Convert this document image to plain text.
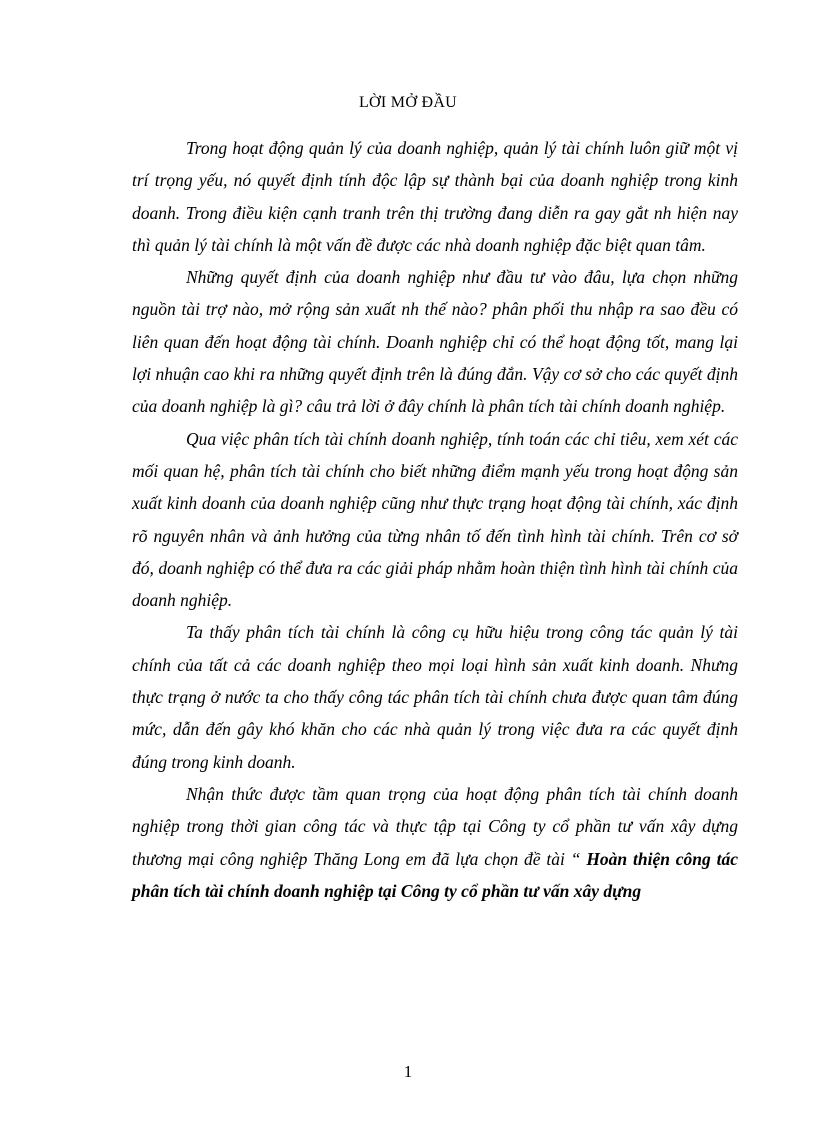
LỜI MỞ ĐẦU

Trong hoạt động quản lý của doanh nghiệp, quản lý tài chính luôn giữ một vị trí trọng yếu, nó quyết định tính độc lập sự thành bại của doanh nghiệp trong kinh doanh. Trong điều kiện cạnh tranh trên thị trường đang diễn ra gay gắt nh hiện nay thì quản lý tài chính là một vấn đề được các nhà doanh nghiệp đặc biệt quan tâm.

Những quyết định của doanh nghiệp như đầu tư vào đâu, lựa chọn những nguồn tài trợ nào, mở rộng sản xuất nh thế nào? phân phối thu nhập ra sao đều có liên quan đến hoạt động tài chính. Doanh nghiệp chỉ có thể hoạt động tốt, mang lại lợi nhuận cao khi ra những quyết định trên là đúng đắn. Vậy cơ sở cho các quyết định của doanh nghiệp là gì? câu trả lời ở đây chính là phân tích tài chính doanh nghiệp.

Qua việc phân tích tài chính doanh nghiệp, tính toán các chỉ tiêu, xem xét các mối quan hệ, phân tích tài chính cho biết những điểm mạnh yếu trong hoạt động sản xuất kinh doanh của doanh nghiệp cũng như thực trạng hoạt động tài chính, xác định rõ nguyên nhân và ảnh hưởng của từng nhân tố đến tình hình tài chính. Trên cơ sở đó, doanh nghiệp có thể đưa ra các giải pháp nhằm hoàn thiện tình hình tài chính của doanh nghiệp.

Ta thấy phân tích tài chính là công cụ hữu hiệu trong công tác quản lý tài chính của tất cả các doanh nghiệp theo mọi loại hình sản xuất kinh doanh. Nhưng thực trạng ở nước ta cho thấy công tác phân tích tài chính chưa được quan tâm đúng mức, dẫn đến gây khó khăn cho các nhà quản lý trong việc đưa ra các quyết định đúng trong kinh doanh.

Nhận thức được tầm quan trọng của hoạt động phân tích tài chính doanh nghiệp trong thời gian công tác và thực tập tại Công ty cổ phần tư vấn xây dựng thương mại công nghiệp Thăng Long em đã lựa chọn đề tài “ Hoàn thiện công tác phân tích tài chính doanh nghiệp tại Công ty cổ phần tư vấn xây dựng

1
